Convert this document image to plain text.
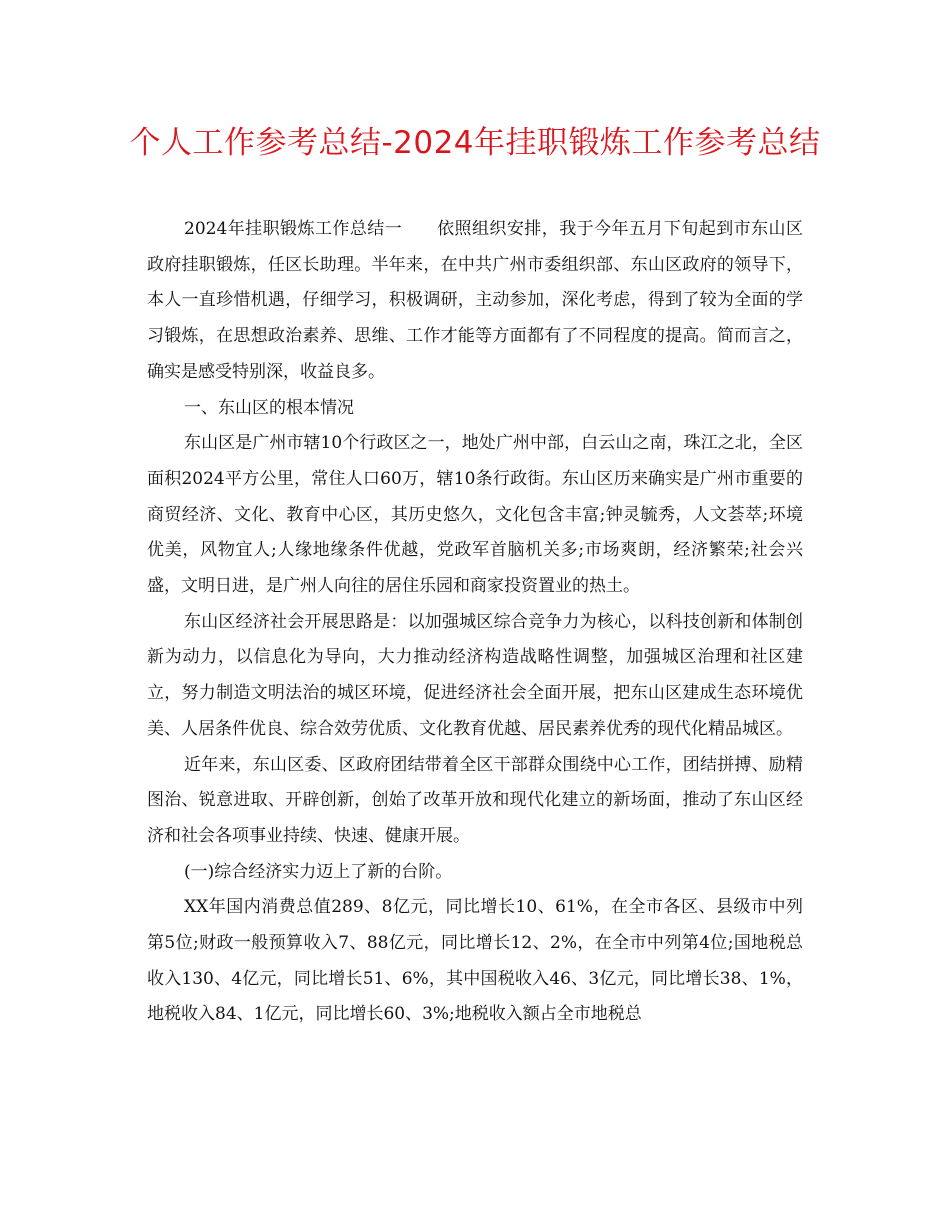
个人工作参考总结-2024年挂职锻炼工作参考总结

2024年挂职锻炼工作总结一　　依照组织安排，我于今年五月下旬起到市东山区政府挂职锻炼，任区长助理。半年来，在中共广州市委组织部、东山区政府的领导下，本人一直珍惜机遇，仔细学习，积极调研，主动参加，深化考虑，得到了较为全面的学习锻炼，在思想政治素养、思维、工作才能等方面都有了不同程度的提高。简而言之，确实是感受特别深，收益良多。

一、东山区的根本情况

东山区是广州市辖10个行政区之一，地处广州中部，白云山之南，珠江之北，全区面积2024平方公里，常住人口60万，辖10条行政街。东山区历来确实是广州市重要的商贸经济、文化、教育中心区，其历史悠久，文化包含丰富;钟灵毓秀，人文荟萃;环境优美，风物宜人;人缘地缘条件优越，党政军首脑机关多;市场爽朗，经济繁荣;社会兴盛，文明日进，是广州人向往的居住乐园和商家投资置业的热土。

东山区经济社会开展思路是：以加强城区综合竞争力为核心，以科技创新和体制创新为动力，以信息化为导向，大力推动经济构造战略性调整，加强城区治理和社区建立，努力制造文明法治的城区环境，促进经济社会全面开展，把东山区建成生态环境优美、人居条件优良、综合效劳优质、文化教育优越、居民素养优秀的现代化精品城区。

近年来，东山区委、区政府团结带着全区干部群众围绕中心工作，团结拼搏、励精图治、锐意进取、开辟创新，创始了改革开放和现代化建立的新场面，推动了东山区经济和社会各项事业持续、快速、健康开展。

(一)综合经济实力迈上了新的台阶。

XX年国内消费总值289、8亿元，同比增长10、61%，在全市各区、县级市中列第5位;财政一般预算收入7、88亿元，同比增长12、2%，在全市中列第4位;国地税总收入130、4亿元，同比增长51、6%，其中国税收入46、3亿元，同比增长38、1%，地税收入84、1亿元，同比增长60、3%;地税收入额占全市地税总
